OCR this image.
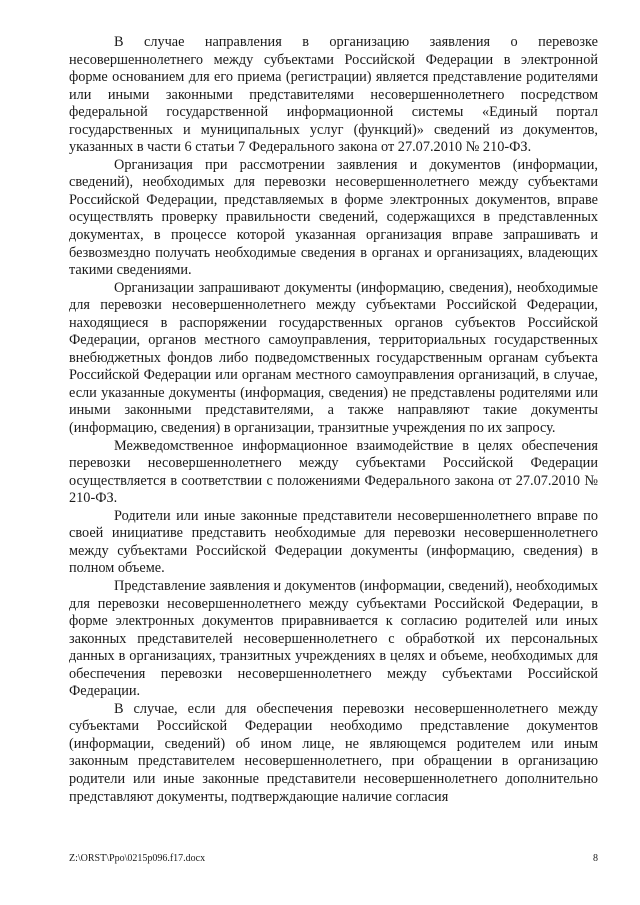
В случае направления в организацию заявления о перевозке несовершеннолетнего между субъектами Российской Федерации в электронной форме основанием для его приема (регистрации) является представление родителями или иными законными представителями несовершеннолетнего посредством федеральной государственной информационной системы «Единый портал государственных и муниципальных услуг (функций)» сведений из документов, указанных в части 6 статьи 7 Федерального закона от 27.07.2010 № 210-ФЗ.

Организация при рассмотрении заявления и документов (информации, сведений), необходимых для перевозки несовершеннолетнего между субъектами Российской Федерации, представляемых в форме электронных документов, вправе осуществлять проверку правильности сведений, содержащихся в представленных документах, в процессе которой указанная организация вправе запрашивать и безвозмездно получать необходимые сведения в органах и организациях, владеющих такими сведениями.

Организации запрашивают документы (информацию, сведения), необходимые для перевозки несовершеннолетнего между субъектами Российской Федерации, находящиеся в распоряжении государственных органов субъектов Российской Федерации, органов местного самоуправления, территориальных государственных внебюджетных фондов либо подведомственных государственным органам субъекта Российской Федерации или органам местного самоуправления организаций, в случае, если указанные документы (информация, сведения) не представлены родителями или иными законными представителями, а также направляют такие документы (информацию, сведения) в организации, транзитные учреждения по их запросу.

Межведомственное информационное взаимодействие в целях обеспечения перевозки несовершеннолетнего между субъектами Российской Федерации осуществляется в соответствии с положениями Федерального закона от 27.07.2010 № 210-ФЗ.

Родители или иные законные представители несовершеннолетнего вправе по своей инициативе представить необходимые для перевозки несовершеннолетнего между субъектами Российской Федерации документы (информацию, сведения) в полном объеме.

Представление заявления и документов (информации, сведений), необходимых для перевозки несовершеннолетнего между субъектами Российской Федерации, в форме электронных документов приравнивается к согласию родителей или иных законных представителей несовершеннолетнего с обработкой их персональных данных в организациях, транзитных учреждениях в целях и объеме, необходимых для обеспечения перевозки несовершеннолетнего между субъектами Российской Федерации.

В случае, если для обеспечения перевозки несовершеннолетнего между субъектами Российской Федерации необходимо представление документов (информации, сведений) об ином лице, не являющемся родителем или иным законным представителем несовершеннолетнего, при обращении в организацию родители или иные законные представители несовершеннолетнего дополнительно представляют документы, подтверждающие наличие согласия

Z:\ORST\Ppo\0215p096.f17.docx	8
